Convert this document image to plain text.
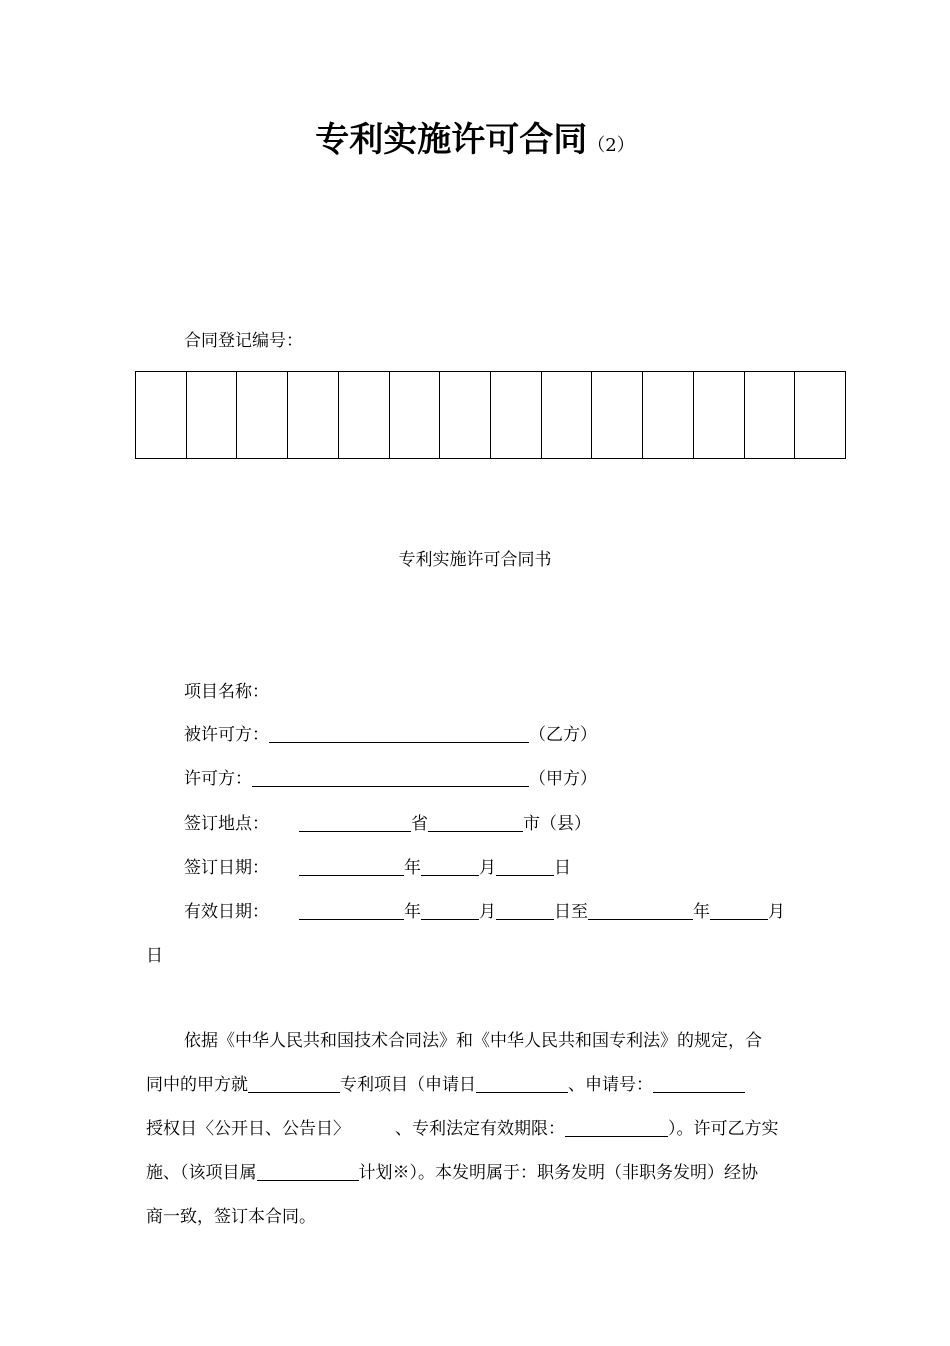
专利实施许可合同（2）
合同登记编号：
专利实施许可合同书
项目名称：
被许可方：	（乙方）
许可方：	（甲方）
签订地点：	省	市（县）
签订日期：	年	月	日
有效日期：	年	月	日至	年	月
日
依据《中华人民共和国技术合同法》和《中华人民共和国专利法》的规定，合
同中的甲方就	专利项目（申请日	、申请号：
授权日〈公开日、公告日〉	、专利法定有效期限：	）。许可乙方实
施、（该项目属	计划※）。本发明属于：职务发明（非职务发明）经协
商一致，签订本合同。
